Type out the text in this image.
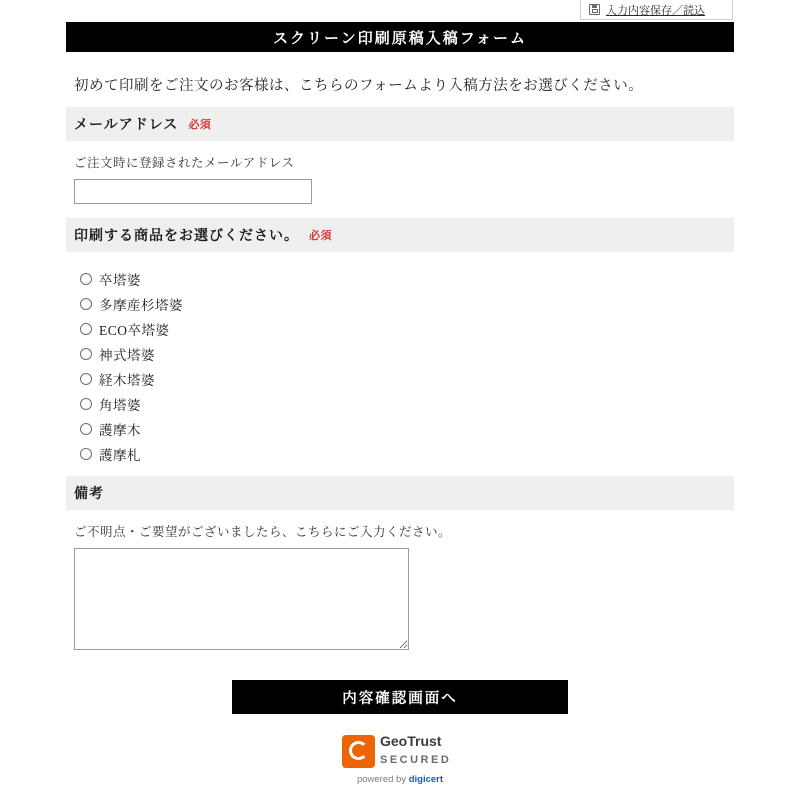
入力内容保存／読込
スクリーン印刷原稿入稿フォーム
初めて印刷をご注文のお客様は、こちらのフォームより入稿方法をお選びください。
メールアドレス 必須
ご注文時に登録されたメールアドレス
印刷する商品をお選びください。 必須
卒塔婆
多摩産杉塔婆
ECO卒塔婆
神式塔婆
経木塔婆
角塔婆
護摩木
護摩札
備考
ご不明点・ご要望がございましたら、こちらにご入力ください。
内容確認画面へ
GeoTrust
SECURED
powered by digicert
